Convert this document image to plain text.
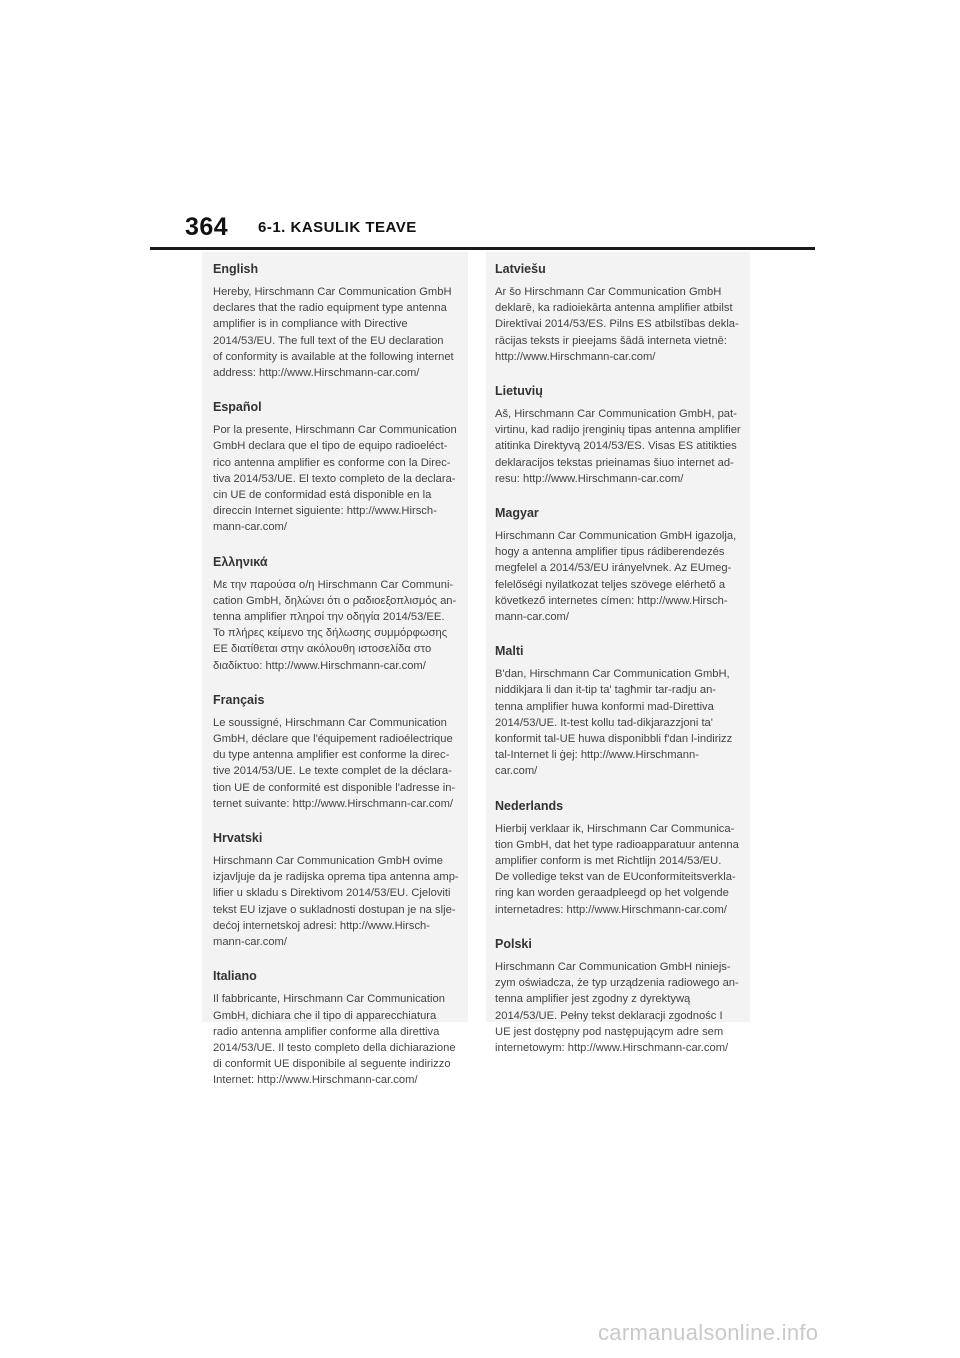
364 6-1. KASULIK TEAVE

English

Hereby, Hirschmann Car Communication GmbH
declares that the radio equipment type antenna
amplifier is in compliance with Directive
2014/53/EU. The full text of the EU declaration
of conformity is available at the following internet
address: http://www.Hirschmann-car.com/

Español

Por la presente, Hirschmann Car Communication
GmbH declara que el tipo de equipo radioeléct-
rico antenna amplifier es conforme con la Direc-
tiva 2014/53/UE. El texto completo de la declara-
cin UE de conformidad está disponible en la
direccin Internet siguiente: http://www.Hirsch-
mann-car.com/

Ελληνικά

Με την παρούσα ο/η Hirschmann Car Communi-
cation GmbH, δηλώνει ότι ο ραδιοεξοπλισμός an-
tenna amplifier πληροί την οδηγία 2014/53/ΕΕ.
Το πλήρες κείμενο της δήλωσης συμμόρφωσης
ΕΕ διατίθεται στην ακόλουθη ιστοσελίδα στο
διαδίκτυο: http://www.Hirschmann-car.com/

Français

Le soussigné, Hirschmann Car Communication
GmbH, déclare que l'équipement radioélectrique
du type antenna amplifier est conforme la direc-
tive 2014/53/UE. Le texte complet de la déclara-
tion UE de conformité est disponible l'adresse in-
ternet suivante: http://www.Hirschmann-car.com/

Hrvatski

Hirschmann Car Communication GmbH ovime
izjavljuje da je radijska oprema tipa antenna amp-
lifier u skladu s Direktivom 2014/53/EU. Cjeloviti
tekst EU izjave o sukladnosti dostupan je na slje-
dećoj internetskoj adresi: http://www.Hirsch-
mann-car.com/

Italiano

Il fabbricante, Hirschmann Car Communication
GmbH, dichiara che il tipo di apparecchiatura
radio antenna amplifier conforme alla direttiva
2014/53/UE. Il testo completo della dichiarazione
di conformit UE disponibile al seguente indirizzo
Internet: http://www.Hirschmann-car.com/

Latviešu

Ar šo Hirschmann Car Communication GmbH
deklarē, ka radioiekārta antenna amplifier atbilst
Direktīvai 2014/53/ES. Pilns ES atbilstības dekla-
rācijas teksts ir pieejams šādā interneta vietnē:
http://www.Hirschmann-car.com/

Lietuvių

Aš, Hirschmann Car Communication GmbH, pat-
virtinu, kad radijo įrenginių tipas antenna amplifier
atitinka Direktyvą 2014/53/ES. Visas ES atitikties
deklaracijos tekstas prieinamas šiuo internet ad-
resu: http://www.Hirschmann-car.com/

Magyar

Hirschmann Car Communication GmbH igazolja,
hogy a antenna amplifier tipus rádiberendezés
megfelel a 2014/53/EU irányelvnek. Az EUmeg-
felelőségi nyilatkozat teljes szövege elérhető a
következő internetes címen: http://www.Hirsch-
mann-car.com/

Malti

B'dan, Hirschmann Car Communication GmbH,
niddikjara li dan it-tip ta' tagħmir tar-radju an-
tenna amplifier huwa konformi mad-Direttiva
2014/53/UE. It-test kollu tad-dikjarazzjoni ta'
konformit tal-UE huwa disponibbli f'dan l-indirizz
tal-Internet li ġej: http://www.Hirschmann-
car.com/

Nederlands

Hierbij verklaar ik, Hirschmann Car Communica-
tion GmbH, dat het type radioapparatuur antenna
amplifier conform is met Richtlijn 2014/53/EU.
De volledige tekst van de EUconformiteitsverkla-
ring kan worden geraadpleegd op het volgende
internetadres: http://www.Hirschmann-car.com/

Polski

Hirschmann Car Communication GmbH niniejs-
zym oświadcza, że typ urządzenia radiowego an-
tenna amplifier jest zgodny z dyrektywą
2014/53/UE. Pełny tekst deklaracji zgodnośc I
UE jest dostępny pod następującym adre sem
internetowym: http://www.Hirschmann-car.com/

carmanualsonline.info
